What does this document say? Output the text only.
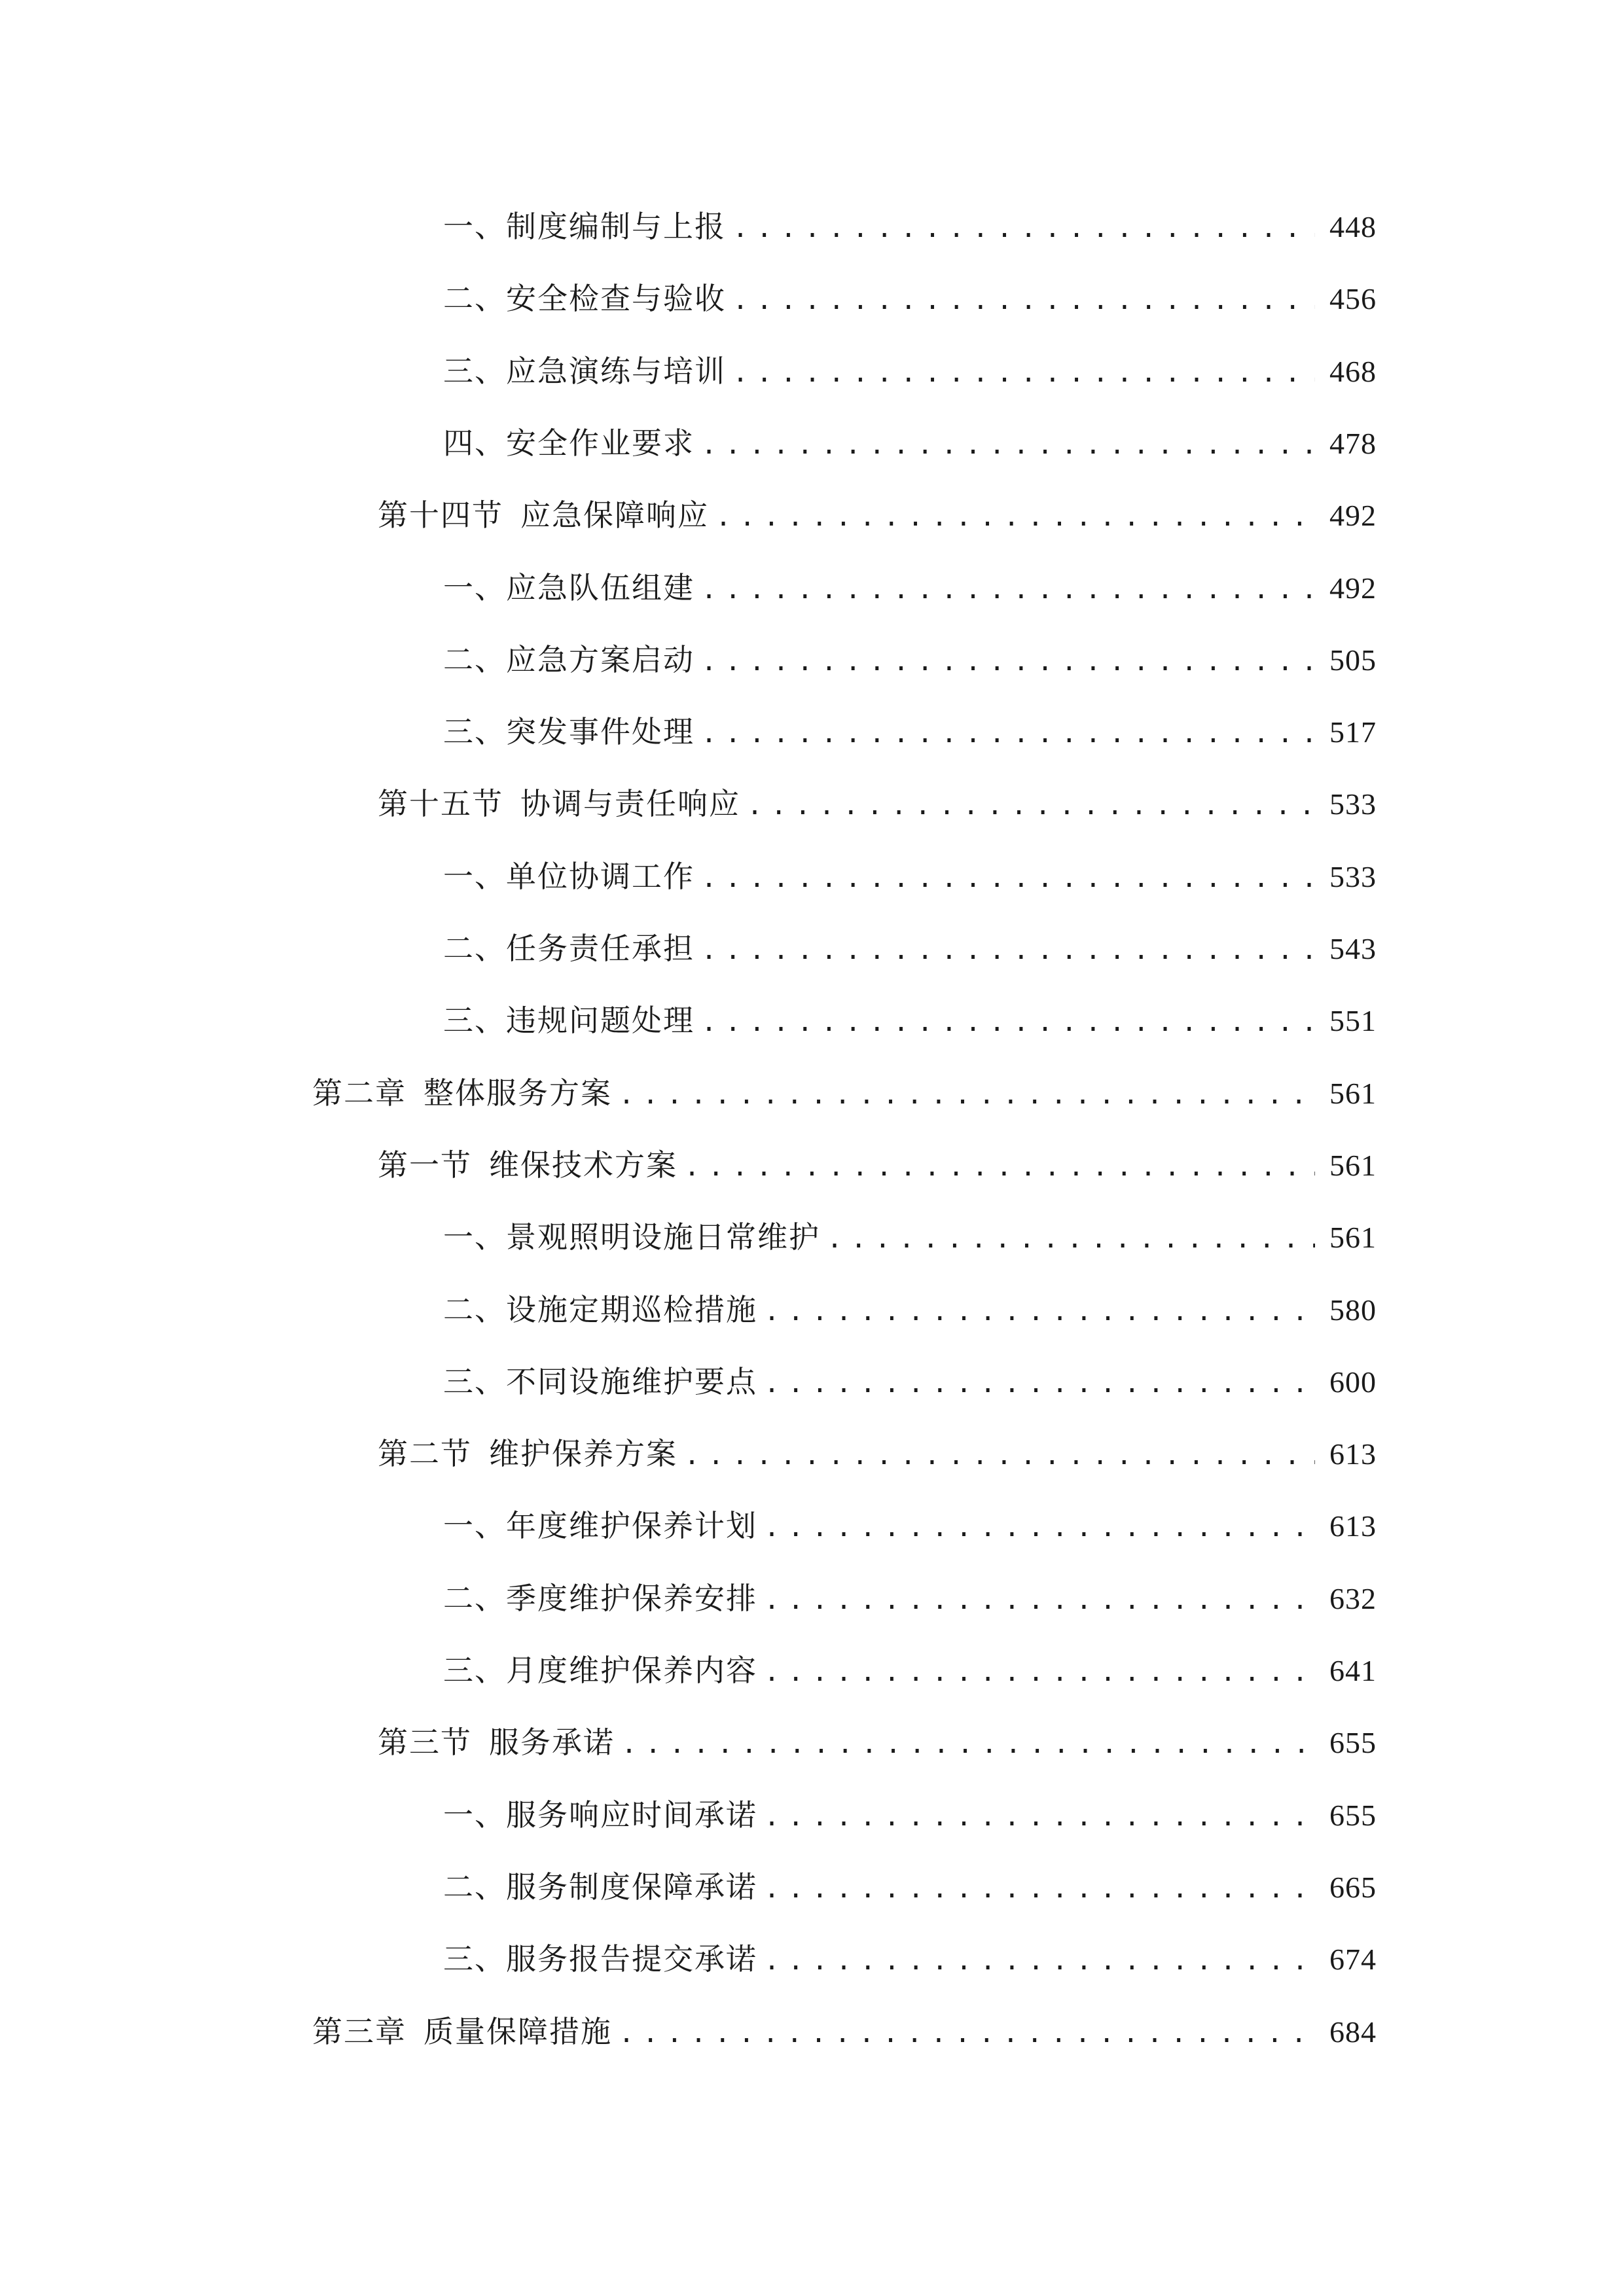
一、 制度编制与上报 .....	448
二、 安全检查与验收 .....	456
三、 应急演练与培训 .....	468
四、 安全作业要求 .....	478
第十四节 应急保障响应 .....	492
一、 应急队伍组建 .....	492
二、 应急方案启动 .....	505
三、 突发事件处理 .....	517
第十五节 协调与责任响应 .....	533
一、 单位协调工作 .....	533
二、 任务责任承担 .....	543
三、 违规问题处理 .....	551
第二章 整体服务方案 .....	561
第一节 维保技术方案 .....	561
一、 景观照明设施日常维护 .....	561
二、 设施定期巡检措施 .....	580
三、 不同设施维护要点 .....	600
第二节 维护保养方案 .....	613
一、 年度维护保养计划 .....	613
二、 季度维护保养安排 .....	632
三、 月度维护保养内容 .....	641
第三节 服务承诺 .....	655
一、 服务响应时间承诺 .....	655
二、 服务制度保障承诺 .....	665
三、 服务报告提交承诺 .....	674
第三章 质量保障措施 .....	684
